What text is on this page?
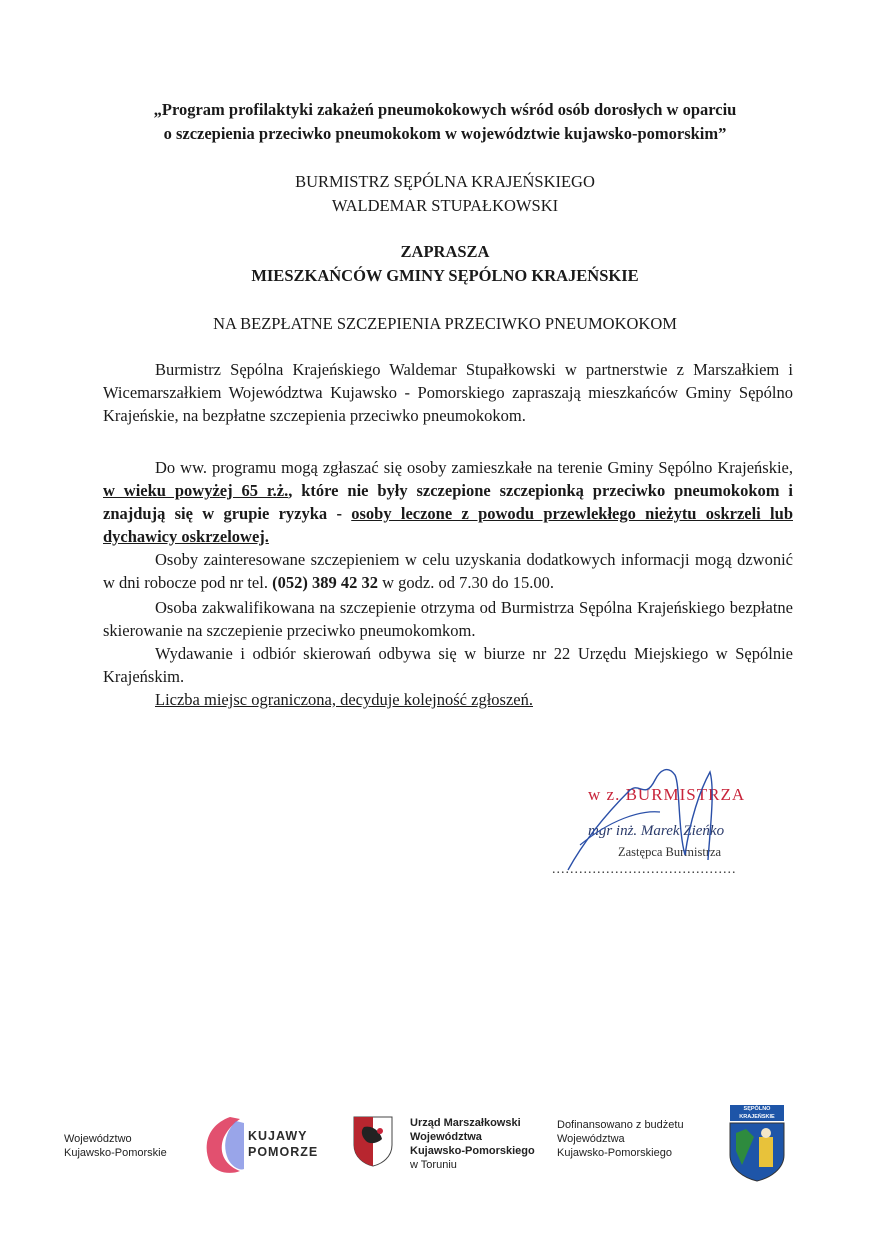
„Program profilaktyki zakażeń pneumokokowych wśród osób dorosłych w oparciu
o szczepienia przeciwko pneumokokom w województwie kujawsko-pomorskim”
BURMISTRZ SĘPÓLNA KRAJEŃSKIEGO
WALDEMAR STUPAŁKOWSKI
ZAPRASZA
MIESZKAŃCÓW GMINY SĘPÓLNO KRAJEŃSKIE
NA BEZPŁATNE SZCZEPIENIA PRZECIWKO PNEUMOKOKOM
Burmistrz Sępólna Krajeńskiego Waldemar Stupałkowski w partnerstwie z Marszałkiem i Wicemarszałkiem Województwa Kujawsko - Pomorskiego zapraszają mieszkańców Gminy Sępólno Krajeńskie, na bezpłatne szczepienia przeciwko pneumokokom.
Do ww. programu mogą zgłaszać się osoby zamieszkałe na terenie Gminy Sępólno Krajeńskie, w wieku powyżej 65 r.ż., które nie były szczepione szczepionką przeciwko pneumokokom i znajdują się w grupie ryzyka - osoby leczone z powodu przewlekłego nieżytu oskrzeli lub dychawicy oskrzelowej.
Osoby zainteresowane szczepieniem w celu uzyskania dodatkowych informacji mogą dzwonić w dni robocze pod nr tel. (052) 389 42 32 w godz. od 7.30 do 15.00.
Osoba zakwalifikowana na szczepienie otrzyma od Burmistrza Sępólna Krajeńskiego bezpłatne skierowanie na szczepienie przeciwko pneumokomkom.
Wydawanie i odbiór skierowań odbywa się w biurze nr 22 Urzędu Miejskiego w Sępólnie Krajeńskim.
Liczba miejsc ograniczona, decyduje kolejność zgłoszeń.
w z. BURMISTRZA
mgr inż. Marek Zieńko
Zastępca Burmistrza
.........................................
Województwo
Kujawsko-Pomorskie
KUJAWY
POMORZE
Urząd Marszałkowski
Województwa
Kujawsko-Pomorskiego
w Toruniu
Dofinansowano z budżetu
Województwa
Kujawsko-Pomorskiego
SĘPÓLNO KRAJEŃSKIE
